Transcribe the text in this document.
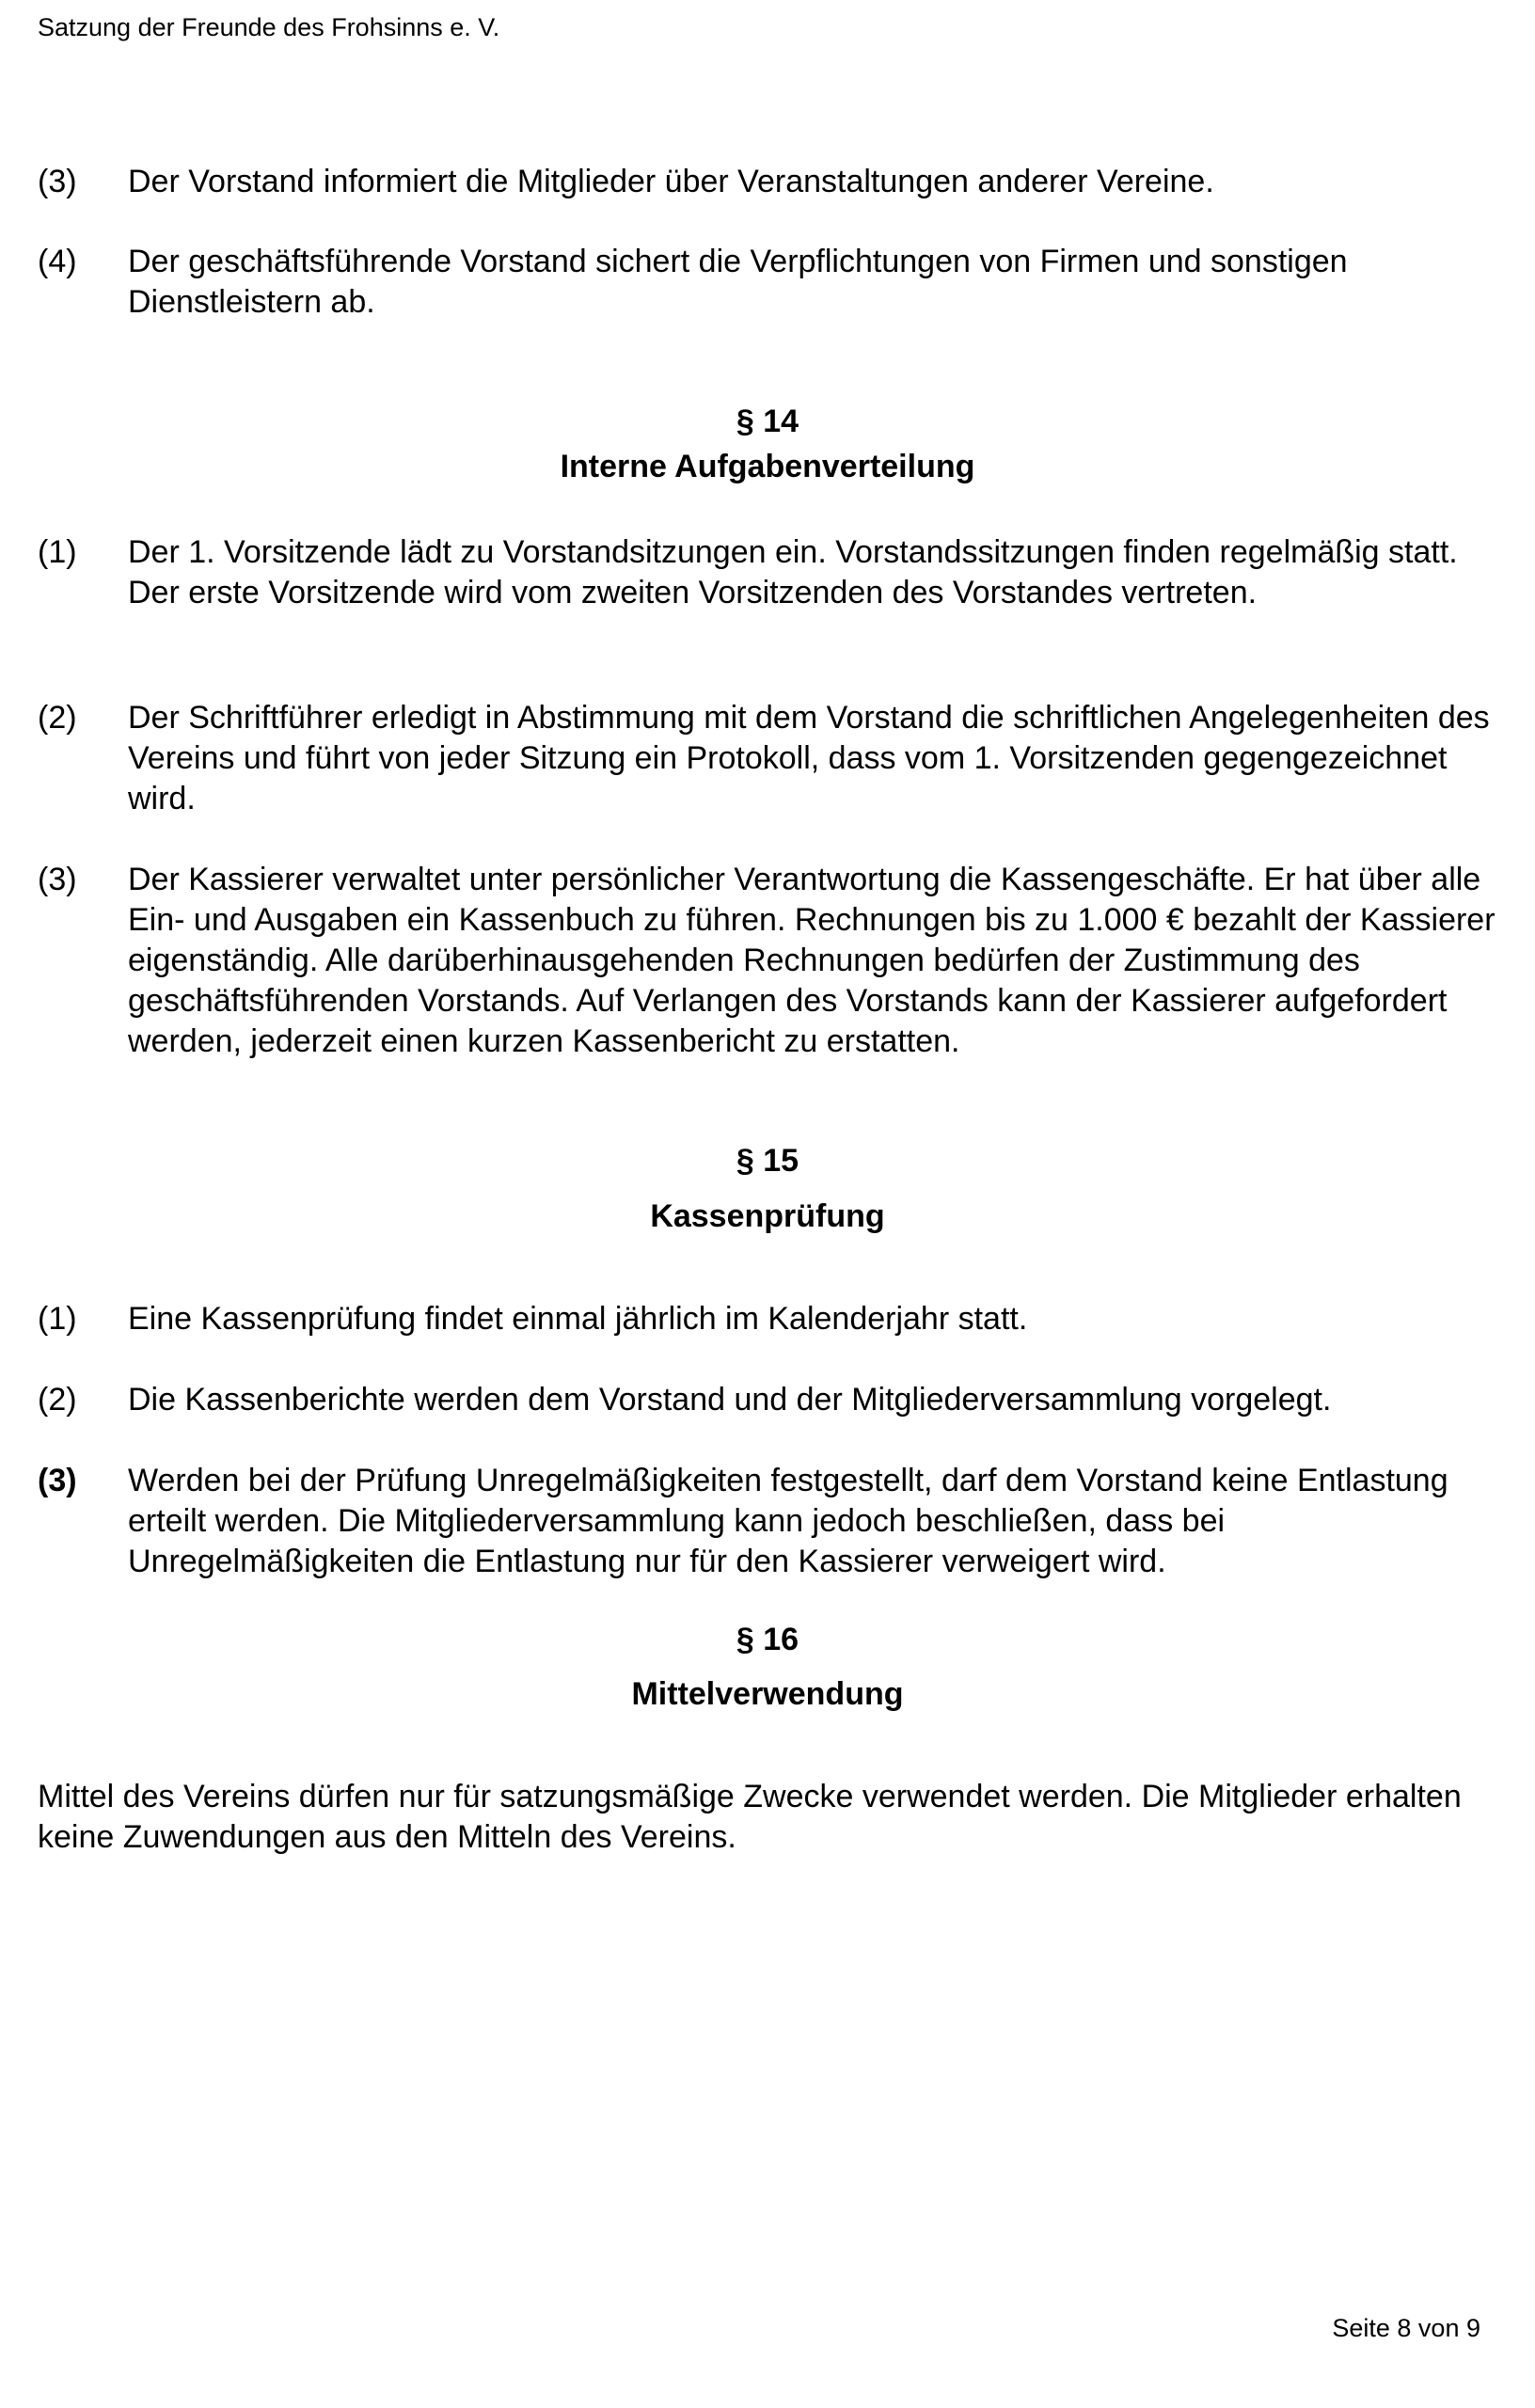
Satzung der Freunde des Frohsinns e. V.
(3)	Der Vorstand informiert die Mitglieder über Veranstaltungen anderer Vereine.
(4)	Der geschäftsführende Vorstand sichert die Verpflichtungen von Firmen und sonstigen Dienstleistern ab.
§ 14
Interne Aufgabenverteilung
(1)	Der 1. Vorsitzende lädt zu Vorstandsitzungen ein. Vorstandssitzungen finden regelmäßig statt. Der erste Vorsitzende wird vom zweiten Vorsitzenden des Vorstandes vertreten.
(2)	Der Schriftführer erledigt in Abstimmung mit dem Vorstand die schriftlichen Angelegenheiten des Vereins und führt von jeder Sitzung ein Protokoll, dass vom 1. Vorsitzenden gegengezeichnet wird.
(3)	Der Kassierer verwaltet unter persönlicher Verantwortung die Kassengeschäfte. Er hat über alle Ein- und Ausgaben ein Kassenbuch zu führen. Rechnungen bis zu 1.000 € bezahlt der Kassierer eigenständig. Alle darüberhinausgehenden Rechnungen bedürfen der Zustimmung des geschäftsführenden Vorstands. Auf Verlangen des Vorstands kann der Kassierer aufgefordert werden, jederzeit einen kurzen Kassenbericht zu erstatten.
§ 15
Kassenprüfung
(1)	Eine Kassenprüfung findet einmal jährlich im Kalenderjahr statt.
(2)	Die Kassenberichte werden dem Vorstand und der Mitgliederversammlung vorgelegt.
(3)	Werden bei der Prüfung Unregelmäßigkeiten festgestellt, darf dem Vorstand keine Entlastung erteilt werden. Die Mitgliederversammlung kann jedoch beschließen, dass bei Unregelmäßigkeiten die Entlastung nur für den Kassierer verweigert wird.
§ 16
Mittelverwendung
Mittel des Vereins dürfen nur für satzungsmäßige Zwecke verwendet werden. Die Mitglieder erhalten keine Zuwendungen aus den Mitteln des Vereins.
Seite 8 von 9
